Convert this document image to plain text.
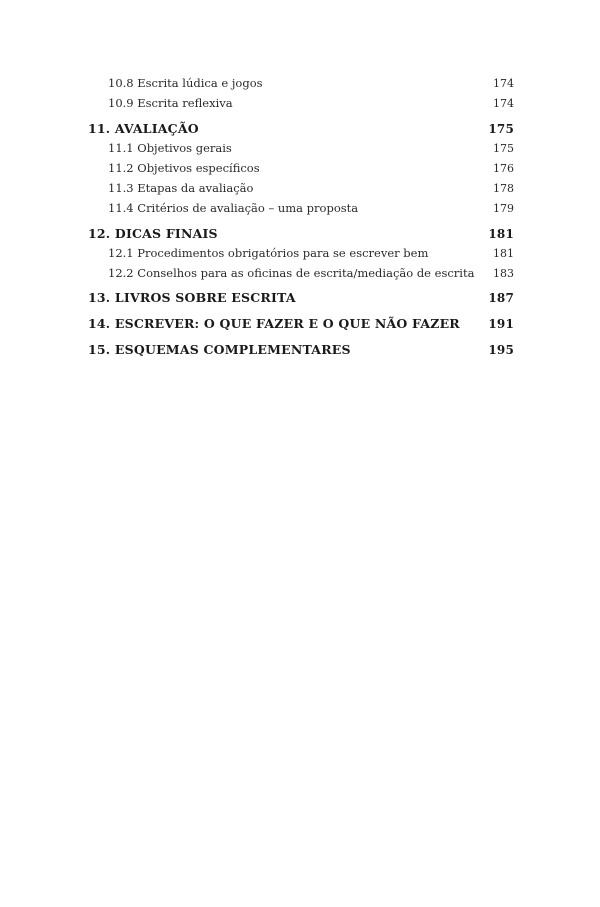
10.8 Escrita lúdica e jogos	174
10.9 Escrita reflexiva	174
11. AVALIAÇÃO	175
11.1 Objetivos gerais	175
11.2 Objetivos específicos	176
11.3 Etapas da avaliação	178
11.4 Critérios de avaliação – uma proposta	179
12. DICAS FINAIS	181
12.1 Procedimentos obrigatórios para se escrever bem	181
12.2 Conselhos para as oficinas de escrita/mediação de escrita 183
13. LIVROS SOBRE ESCRITA	187
14. ESCREVER: O QUE FAZER E O QUE NÃO FAZER 191
15. ESQUEMAS COMPLEMENTARES	195
